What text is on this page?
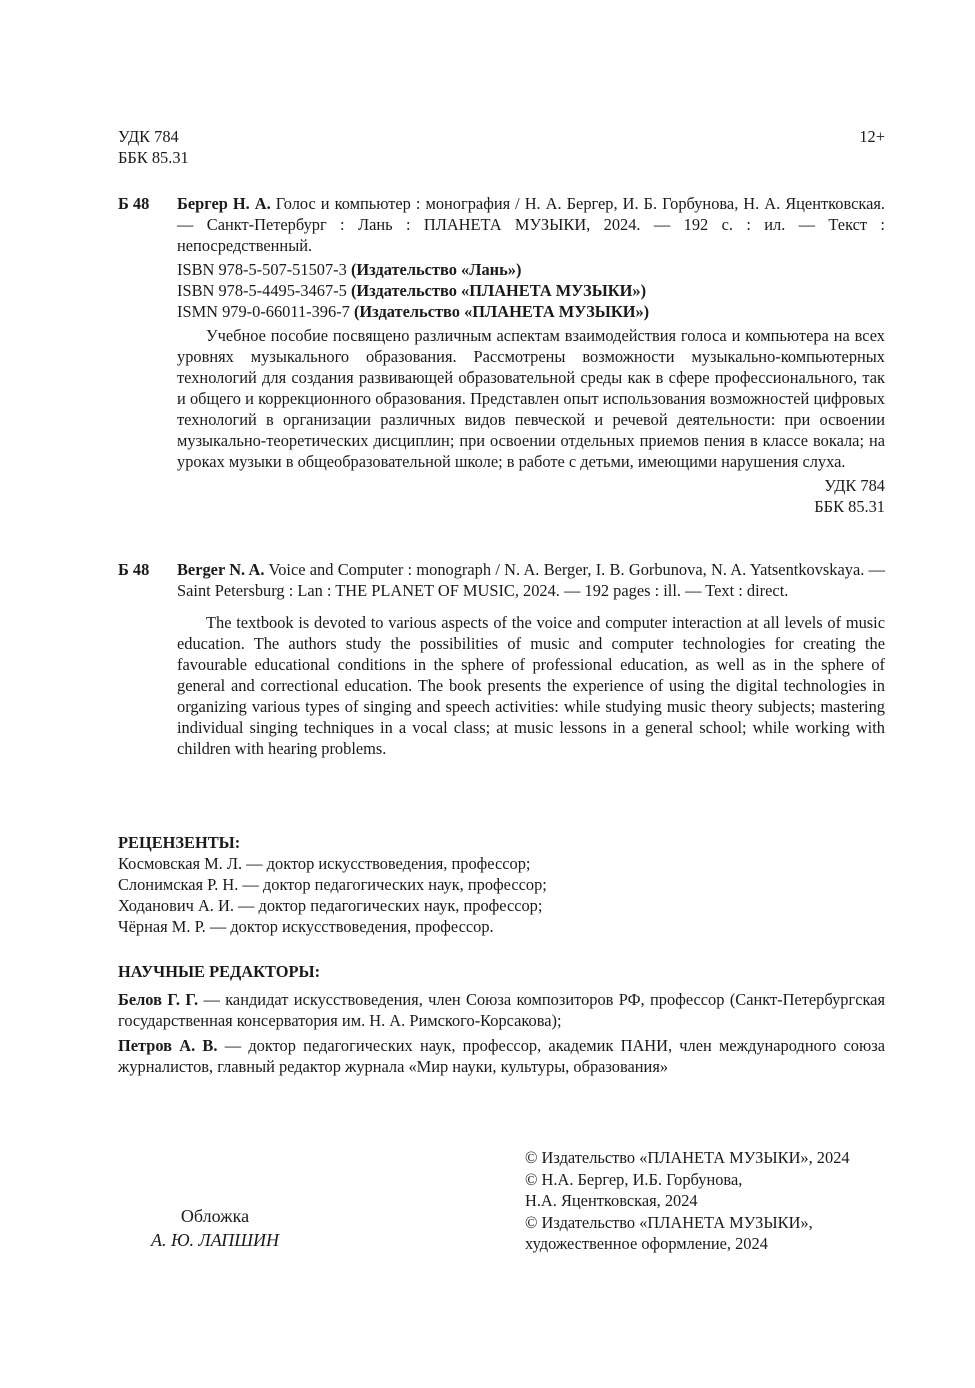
УДК 784
ББК 85.31
12+
Б 48 Бергер Н. А. Голос и компьютер : монография / Н. А. Бергер, И. Б. Горбунова, Н. А. Яцентковская.— Санкт-Петербург : Лань : ПЛАНЕТА МУЗЫКИ, 2024. — 192 с. : ил. — Текст : непосредственный.

ISBN 978-5-507-51507-3 (Издательство «Лань»)
ISBN 978-5-4495-3467-5 (Издательство «ПЛАНЕТА МУЗЫКИ»)
ISMN 979-0-66011-396-7 (Издательство «ПЛАНЕТА МУЗЫКИ»)

Учебное пособие посвящено различным аспектам взаимодействия голоса и компьютера на всех уровнях музыкального образования. Рассмотрены возможности музыкально-компьютерных технологий для создания развивающей образовательной среды как в сфере профессионального, так и общего и коррекционного образования. Представлен опыт использования возможностей цифровых технологий в организации различных видов певческой и речевой деятельности: при освоении музыкально-теоретических дисциплин; при освоении отдельных приемов пения в классе вокала; на уроках музыки в общеобразовательной школе; в работе с детьми, имеющими нарушения слуха.

УДК 784
ББК 85.31
Б 48 Berger N. A. Voice and Computer : monograph / N. A. Berger, I. B. Gorbunova, N. A. Yatsentkovskaya. — Saint Petersburg : Lan : THE PLANET OF MUSIC, 2024. — 192 pages : ill. — Text : direct.

The textbook is devoted to various aspects of the voice and computer interaction at all levels of music education. The authors study the possibilities of music and computer technologies for creating the favourable educational conditions in the sphere of professional education, as well as in the sphere of general and correctional education. The book presents the experience of using the digital technologies in organizing various types of singing and speech activities: while studying music theory subjects; mastering individual singing techniques in a vocal class; at music lessons in a general school; while working with children with hearing problems.

РЕЦЕНЗЕНТЫ:
Космовская М. Л. — доктор искусствоведения, профессор;
Слонимская Р. Н. — доктор педагогических наук, профессор;
Ходанович А. И. — доктор педагогических наук, профессор;
Чёрная М. Р. — доктор искусствоведения, профессор.
НАУЧНЫЕ РЕДАКТОРЫ:

Белов Г. Г. — кандидат искусствоведения, член Союза композиторов РФ, профессор (Санкт-Петербургская государственная консерватория им. Н. А. Римского-Корсакова);

Петров А. В. — доктор педагогических наук, профессор, академик ПАНИ, член международного союза журналистов, главный редактор журнала «Мир науки, культуры, образования»

Обложка
А. Ю. ЛАПШИН
© Издательство «ПЛАНЕТА МУЗЫКИ», 2024
© Н.А. Бергер, И.Б. Горбунова,
Н.А. Яцентковская, 2024
© Издательство «ПЛАНЕТА МУЗЫКИ»,
художественное оформление, 2024
